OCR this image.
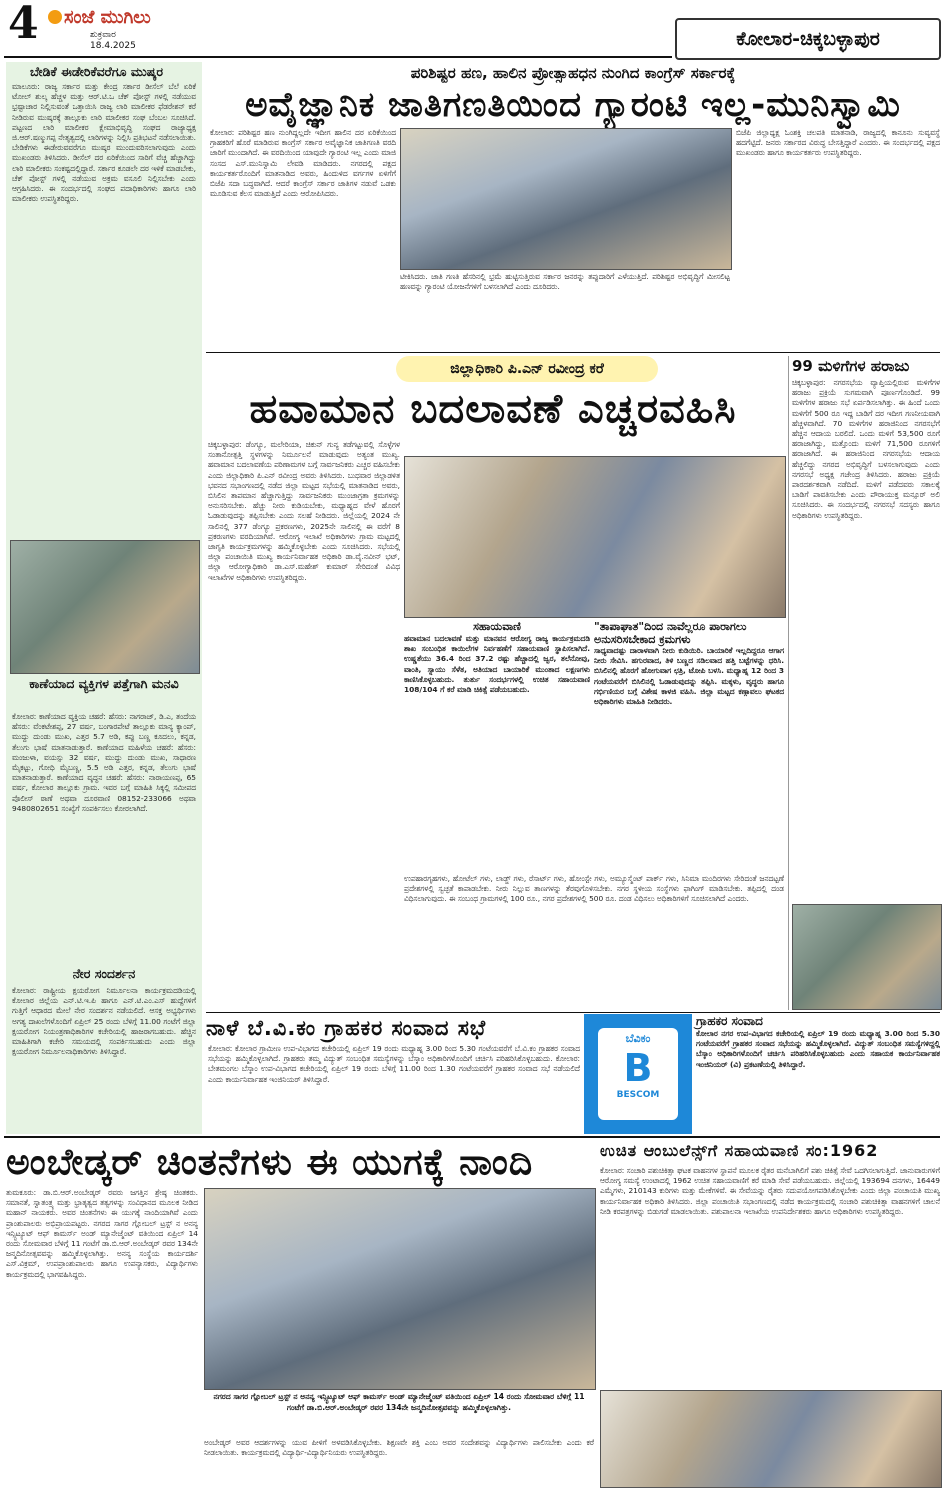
4 ಸಂಜೆ ಮುಗಿಲು
ಶುಕ್ರವಾರ
18.4.2025	ಕೋಲಾರ-ಚಿಕ್ಕಬಳ್ಳಾಪುರ
ಬೇಡಿಕೆ ಈಡೇರಿಕೆವರೆಗೂ ಮುಷ್ಕರ
ಮಾಲೂರು: ರಾಜ್ಯ ಸರ್ಕಾರ ಮತ್ತು ಕೇಂದ್ರ ಸರ್ಕಾರ ಡೀಸೆಲ್ ಬೆಲೆ ಏರಿಕೆ ಟೋಲ್ ಶುಲ್ಕ ಹೆಚ್ಚಳ ಮತ್ತು ಆರ್.ಟಿ.ಒ ಚೆಕ್ ಪೋಸ್ಟ್ ಗಳಲ್ಲಿ ನಡೆಯುವ ಭ್ರಷ್ಟಾಚಾರ ನಿಲ್ಲಿಸುವಂತೆ ಒತ್ತಾಯಿಸಿ ರಾಜ್ಯ ಲಾರಿ ಮಾಲೀಕರ ಫೆಡರೇಶನ್ ಕರೆ ನೀಡಿರುವ ಮುಷ್ಕರಕ್ಕೆ ತಾಲ್ಲೂಕು ಲಾರಿ ಮಾಲೀಕರ ಸಂಘ ಬೆಂಬಲ ಸೂಚಿಸಿದೆ. ಪಟ್ಟಣದ ಲಾರಿ ಮಾಲೀಕರ ಕ್ಷೇಮಾಭಿವೃದ್ಧಿ ಸಂಘದ ರಾಜ್ಯಾಧ್ಯಕ್ಷ ಜಿ.ಆರ್.ಷಣ್ಮುಗಪ್ಪ ನೇತೃತ್ವದಲ್ಲಿ ಲಾರಿಗಳನ್ನು ನಿಲ್ಲಿಸಿ ಪ್ರತಿಭಟನೆ ನಡೆಸಲಾಯಿತು. ಬೇಡಿಕೆಗಳು ಈಡೇರುವವರೆಗೂ ಮುಷ್ಕರ ಮುಂದುವರಿಸಲಾಗುವುದು ಎಂದು ಮುಖಂಡರು ತಿಳಿಸಿದರು. ಡೀಸೆಲ್ ದರ ಏರಿಕೆಯಿಂದ ಸಾರಿಗೆ ವೆಚ್ಚ ಹೆಚ್ಚಾಗಿದ್ದು ಲಾರಿ ಮಾಲೀಕರು ಸಂಕಷ್ಟದಲ್ಲಿದ್ದಾರೆ. ಸರ್ಕಾರ ಕೂಡಲೇ ದರ ಇಳಿಕೆ ಮಾಡಬೇಕು, ಚೆಕ್ ಪೋಸ್ಟ್ ಗಳಲ್ಲಿ ನಡೆಯುವ ಅಕ್ರಮ ವಸೂಲಿ ನಿಲ್ಲಿಸಬೇಕು ಎಂದು ಆಗ್ರಹಿಸಿದರು. ಈ ಸಂದರ್ಭದಲ್ಲಿ ಸಂಘದ ಪದಾಧಿಕಾರಿಗಳು ಹಾಗೂ ಲಾರಿ ಮಾಲೀಕರು ಉಪಸ್ಥಿತರಿದ್ದರು.
ಕಾಣೆಯಾದ ವ್ಯಕ್ತಿಗಳ ಪತ್ತೆಗಾಗಿ ಮನವಿ
ಕೋಲಾರ: ಕಾಣೆಯಾದ ವ್ಯಕ್ತಿಯ ಚಹರೆ: ಹೆಸರು: ನಾಗರಾಜ್, ಡಿ.ಎ, ತಂದೆಯ ಹೆಸರು: ವೆಂಕಟೇಶಪ್ಪ, 27 ವರ್ಷ, ಬಂಗಾರಪೇಟೆ ತಾಲ್ಲೂಕು ಮಾನ್ಯ ಕ್ಯಾಂಪ್, ಮುದ್ದು ದುಂಡು ಮುಖ, ಎತ್ತರ 5.7 ಅಡಿ, ಕಪ್ಪು ಬಣ್ಣ ಕೂದಲು, ಕನ್ನಡ, ತೆಲುಗು ಭಾಷೆ ಮಾತನಾಡುತ್ತಾರೆ. ಕಾಣೆಯಾದ ಮಹಿಳೆಯ ಚಹರೆ: ಹೆಸರು: ಮಂಜುಳಾ, ವಯಸ್ಸು 32 ವರ್ಷ, ಮುದ್ದು ದುಂಡು ಮುಖ, ಸಾಧಾರಣ ಮೈಕಟ್ಟು, ಗೋಧಿ ಮೈಬಣ್ಣ, 5.5 ಅಡಿ ಎತ್ತರ, ಕನ್ನಡ, ತೆಲುಗು ಭಾಷೆ ಮಾತನಾಡುತ್ತಾರೆ. ಕಾಣೆಯಾದ ವೃದ್ಧನ ಚಹರೆ: ಹೆಸರು: ನಾರಾಯಣಪ್ಪ, 65 ವರ್ಷ, ಕೋಲಾರ ತಾಲ್ಲೂಕು ಗ್ರಾಮ. ಇವರ ಬಗ್ಗೆ ಮಾಹಿತಿ ಸಿಕ್ಕಲ್ಲಿ ಸಮೀಪದ ಪೊಲೀಸ್ ಠಾಣೆ ಅಥವಾ ದೂರವಾಣಿ 08152-233066 ಅಥವಾ 9480802651 ಸಂಖ್ಯೆಗೆ ಸಂಪರ್ಕಿಸಲು ಕೋರಲಾಗಿದೆ.
ನೇರ ಸಂದರ್ಶನ
ಕೋಲಾರ: ರಾಷ್ಟ್ರೀಯ ಕ್ಷಯರೋಗ ನಿರ್ಮೂಲನಾ ಕಾರ್ಯಕ್ರಮದಡಿಯಲ್ಲಿ ಕೋಲಾರ ಜಿಲ್ಲೆಯ ಎನ್.ಟಿ.ಇ.ಪಿ ಹಾಗೂ ಎನ್.ಟಿ.ಎಂ.ಎಸ್ ಹುದ್ದೆಗಳಿಗೆ ಗುತ್ತಿಗೆ ಆಧಾರದ ಮೇಲೆ ನೇರ ಸಂದರ್ಶನ ನಡೆಯಲಿದೆ. ಆಸಕ್ತ ಅಭ್ಯರ್ಥಿಗಳು ಅಗತ್ಯ ದಾಖಲೆಗಳೊಂದಿಗೆ ಏಪ್ರಿಲ್ 25 ರಂದು ಬೆಳಿಗ್ಗೆ 11.00 ಗಂಟೆಗೆ ಜಿಲ್ಲಾ ಕ್ಷಯರೋಗ ನಿಯಂತ್ರಣಾಧಿಕಾರಿಗಳ ಕಚೇರಿಯಲ್ಲಿ ಹಾಜರಾಗಬಹುದು. ಹೆಚ್ಚಿನ ಮಾಹಿತಿಗಾಗಿ ಕಚೇರಿ ಸಮಯದಲ್ಲಿ ಸಂಪರ್ಕಿಸಬಹುದು ಎಂದು ಜಿಲ್ಲಾ ಕ್ಷಯರೋಗ ನಿರ್ಮೂಲನಾಧಿಕಾರಿಗಳು ತಿಳಿಸಿದ್ದಾರೆ.
ಪರಿಶಿಷ್ಟರ ಹಣ, ಹಾಲಿನ ಪ್ರೋತ್ಸಾಹಧನ ನುಂಗಿದ ಕಾಂಗ್ರೆಸ್ ಸರ್ಕಾರಕ್ಕೆ
ಅವೈಜ್ಞಾನಿಕ ಜಾತಿಗಣತಿಯಿಂದ ಗ್ಯಾರಂಟಿ ಇಲ್ಲ-ಮುನಿಸ್ವಾಮಿ
ಕೋಲಾರ: ಪರಿಶಿಷ್ಟರ ಹಣ ನುಂಗಿದ್ದಲ್ಲದೇ ಇದೀಗ ಹಾಲಿನ ದರ ಏರಿಕೆಯಿಂದ ಗ್ರಾಹಕರಿಗೆ ಹೊರೆ ಮಾಡಿರುವ ಕಾಂಗ್ರೆಸ್ ಸರ್ಕಾರ ಅವೈಜ್ಞಾನಿಕ ಜಾತಿಗಣತಿ ವರದಿ ಜಾರಿಗೆ ಮುಂದಾಗಿದೆ. ಈ ವರದಿಯಿಂದ ಯಾವುದೇ ಗ್ಯಾರಂಟಿ ಇಲ್ಲ ಎಂದು ಮಾಜಿ ಸಂಸದ ಎಸ್.ಮುನಿಸ್ವಾಮಿ ಲೇವಡಿ ಮಾಡಿದರು. ನಗರದಲ್ಲಿ ಪಕ್ಷದ ಕಾರ್ಯಕರ್ತರೊಂದಿಗೆ ಮಾತನಾಡಿದ ಅವರು, ಹಿಂದುಳಿದ ವರ್ಗಗಳ ಏಳಿಗೆಗೆ ಬಿಜೆಪಿ ಸದಾ ಬದ್ಧವಾಗಿದೆ. ಆದರೆ ಕಾಂಗ್ರೆಸ್ ಸರ್ಕಾರ ಜಾತಿಗಳ ನಡುವೆ ಒಡಕು ಮೂಡಿಸುವ ಕೆಲಸ ಮಾಡುತ್ತಿದೆ ಎಂದು ಆರೋಪಿಸಿದರು.
ಟೀಕಿಸಿದರು. ಜಾತಿ ಗಣತಿ ಹೆಸರಿನಲ್ಲಿ ಭ್ರಮೆ ಹುಟ್ಟಿಸುತ್ತಿರುವ ಸರ್ಕಾರ ಜನರನ್ನು ತಪ್ಪುದಾರಿಗೆ ಎಳೆಯುತ್ತಿದೆ. ಪರಿಶಿಷ್ಟರ ಅಭಿವೃದ್ಧಿಗೆ ಮೀಸಲಿಟ್ಟ ಹಣವನ್ನು ಗ್ಯಾರಂಟಿ ಯೋಜನೆಗಳಿಗೆ ಬಳಸಲಾಗಿದೆ ಎಂದು ದೂರಿದರು.
ಬಿಜೆಪಿ ಜಿಲ್ಲಾಧ್ಯಕ್ಷ ಓಂಶಕ್ತಿ ಚಲಪತಿ ಮಾತನಾಡಿ, ರಾಜ್ಯದಲ್ಲಿ ಕಾನೂನು ಸುವ್ಯವಸ್ಥೆ ಹದಗೆಟ್ಟಿದೆ. ಜನರು ಸರ್ಕಾರದ ವಿರುದ್ಧ ಬೇಸತ್ತಿದ್ದಾರೆ ಎಂದರು. ಈ ಸಂದರ್ಭದಲ್ಲಿ ಪಕ್ಷದ ಮುಖಂಡರು ಹಾಗೂ ಕಾರ್ಯಕರ್ತರು ಉಪಸ್ಥಿತರಿದ್ದರು.
ಜಿಲ್ಲಾಧಿಕಾರಿ ಪಿ.ಎನ್ ರವೀಂದ್ರ ಕರೆ
ಹವಾಮಾನ ಬದಲಾವಣೆ ಎಚ್ಚರವಹಿಸಿ
ಚಿಕ್ಕಬಳ್ಳಾಪುರ: ಡೆಂಗ್ಯೂ, ಮಲೇರಿಯಾ, ಚಿಕುನ್ ಗುನ್ಯ ತಡೆಗಟ್ಟುವಲ್ಲಿ ಸೊಳ್ಳೆಗಳ ಸಂತಾನೋತ್ಪತ್ತಿ ಸ್ಥಳಗಳನ್ನು ನಿರ್ಮೂಲನೆ ಮಾಡುವುದು ಅತ್ಯಂತ ಮುಖ್ಯ. ಹವಾಮಾನ ಬದಲಾವಣೆಯ ಪರಿಣಾಮಗಳ ಬಗ್ಗೆ ಸಾರ್ವಜನಿಕರು ಎಚ್ಚರ ವಹಿಸಬೇಕು ಎಂದು ಜಿಲ್ಲಾಧಿಕಾರಿ ಪಿ.ಎನ್ ರವೀಂದ್ರ ಅವರು ತಿಳಿಸಿದರು. ಬುಧವಾರ ಜಿಲ್ಲಾಡಳಿತ ಭವನದ ಸಭಾಂಗಣದಲ್ಲಿ ನಡೆದ ಜಿಲ್ಲಾ ಮಟ್ಟದ ಸಭೆಯಲ್ಲಿ ಮಾತನಾಡಿದ ಅವರು, ಬಿಸಿಲಿನ ತಾಪಮಾನ ಹೆಚ್ಚಾಗುತ್ತಿದ್ದು ಸಾರ್ವಜನಿಕರು ಮುಂಜಾಗ್ರತಾ ಕ್ರಮಗಳನ್ನು ಅನುಸರಿಸಬೇಕು. ಹೆಚ್ಚು ನೀರು ಕುಡಿಯಬೇಕು, ಮಧ್ಯಾಹ್ನದ ವೇಳೆ ಹೊರಗೆ ಓಡಾಡುವುದನ್ನು ತಪ್ಪಿಸಬೇಕು ಎಂದು ಸಲಹೆ ನೀಡಿದರು. ಜಿಲ್ಲೆಯಲ್ಲಿ 2024 ನೇ ಸಾಲಿನಲ್ಲಿ 377 ಡೆಂಗ್ಯೂ ಪ್ರಕರಣಗಳು, 2025ನೇ ಸಾಲಿನಲ್ಲಿ ಈ ವರೆಗೆ 8 ಪ್ರಕರಣಗಳು ವರದಿಯಾಗಿವೆ. ಆರೋಗ್ಯ ಇಲಾಖೆ ಅಧಿಕಾರಿಗಳು ಗ್ರಾಮ ಮಟ್ಟದಲ್ಲಿ ಜಾಗೃತಿ ಕಾರ್ಯಕ್ರಮಗಳನ್ನು ಹಮ್ಮಿಕೊಳ್ಳಬೇಕು ಎಂದು ಸೂಚಿಸಿದರು. ಸಭೆಯಲ್ಲಿ ಜಿಲ್ಲಾ ಪಂಚಾಯಿತಿ ಮುಖ್ಯ ಕಾರ್ಯನಿರ್ವಾಹಕ ಅಧಿಕಾರಿ ಡಾ.ವೈ.ನವೀನ್ ಭಟ್, ಜಿಲ್ಲಾ ಆರೋಗ್ಯಾಧಿಕಾರಿ ಡಾ.ಎಸ್.ಮಹೇಶ್ ಕುಮಾರ್ ಸೇರಿದಂತೆ ವಿವಿಧ ಇಲಾಖೆಗಳ ಅಧಿಕಾರಿಗಳು ಉಪಸ್ಥಿತರಿದ್ದರು.
ಸಹಾಯವಾಣಿ
ಹವಾಮಾನ ಬದಲಾವಣೆ ಮತ್ತು ಮಾನವನ ಆರೋಗ್ಯ ರಾಜ್ಯ ಕಾರ್ಯಕ್ರಮದಡಿ ಶಾಖ ಸಂಬಂಧಿತ ಕಾಯಿಲೆಗಳ ನಿರ್ವಹಣೆಗೆ ಸಹಾಯವಾಣಿ ಸ್ಥಾಪಿಸಲಾಗಿದೆ. ಉಷ್ಣತೆಯು 36.4 ರಿಂದ 37.2 ರಷ್ಟು ಹೆಚ್ಚಾದಲ್ಲಿ ಜ್ವರ, ತಲೆನೋವು, ವಾಂತಿ, ಸ್ನಾಯು ಸೆಳೆತ, ಅತಿಯಾದ ಬಾಯಾರಿಕೆ ಮುಂತಾದ ಲಕ್ಷಣಗಳು ಕಾಣಿಸಿಕೊಳ್ಳಬಹುದು. ತುರ್ತು ಸಂದರ್ಭಗಳಲ್ಲಿ ಉಚಿತ ಸಹಾಯವಾಣಿ 108/104 ಗೆ ಕರೆ ಮಾಡಿ ಚಿಕಿತ್ಸೆ ಪಡೆಯಬಹುದು.
"ತಾಪಾಘಾತ"ದಿಂದ ನಾವೆಲ್ಲರೂ ಪಾರಾಗಲು ಅನುಸರಿಸಬೇಕಾದ ಕ್ರಮಗಳು
ಸಾಧ್ಯವಾದಷ್ಟು ದಾರಾಳವಾಗಿ ನೀರು ಕುಡಿಯಿರಿ. ಬಾಯಾರಿಕೆ ಇಲ್ಲದಿದ್ದರೂ ಆಗಾಗ ನೀರು ಸೇವಿಸಿ. ಹಗುರವಾದ, ತಿಳಿ ಬಣ್ಣದ ಸಡಿಲವಾದ ಹತ್ತಿ ಬಟ್ಟೆಗಳನ್ನು ಧರಿಸಿ. ಬಿಸಿಲಿನಲ್ಲಿ ಹೊರಗೆ ಹೋಗುವಾಗ ಛತ್ರಿ, ಟೋಪಿ ಬಳಸಿ. ಮಧ್ಯಾಹ್ನ 12 ರಿಂದ 3 ಗಂಟೆಯವರೆಗೆ ಬಿಸಿಲಿನಲ್ಲಿ ಓಡಾಡುವುದನ್ನು ತಪ್ಪಿಸಿ. ಮಕ್ಕಳು, ವೃದ್ಧರು ಹಾಗೂ ಗರ್ಭಿಣಿಯರ ಬಗ್ಗೆ ವಿಶೇಷ ಕಾಳಜಿ ವಹಿಸಿ. ಜಿಲ್ಲಾ ಮಟ್ಟದ ಕಣ್ಗಾವಲು ಘಟಕದ ಅಧಿಕಾರಿಗಳು ಮಾಹಿತಿ ನೀಡಿದರು.
ಉಪಹಾರಗೃಹಗಳು, ಹೋಟೆಲ್ ಗಳು, ಲಾಡ್ಜ್ ಗಳು, ರೆಸಾರ್ಟ್ ಗಳು, ಹೋಂಸ್ಟೇ ಗಳು, ಅಮ್ಯೂಸ್ಮೆಂಟ್ ಪಾರ್ಕ್ ಗಳು, ಸಿನಿಮಾ ಮಂದಿರಗಳು ಸೇರಿದಂತೆ ಜನದಟ್ಟಣೆ ಪ್ರದೇಶಗಳಲ್ಲಿ ಸ್ವಚ್ಛತೆ ಕಾಪಾಡಬೇಕು. ನೀರು ನಿಲ್ಲುವ ತಾಣಗಳನ್ನು ತೆರವುಗೊಳಿಸಬೇಕು. ನಗರ ಸ್ಥಳೀಯ ಸಂಸ್ಥೆಗಳು ಫಾಗಿಂಗ್ ಮಾಡಿಸಬೇಕು. ತಪ್ಪಿದಲ್ಲಿ ದಂಡ ವಿಧಿಸಲಾಗುವುದು. ಈ ಸಂಬಂಧ ಗ್ರಾಮಗಳಲ್ಲಿ 100 ರೂ., ನಗರ ಪ್ರದೇಶಗಳಲ್ಲಿ 500 ರೂ. ದಂಡ ವಿಧಿಸಲು ಅಧಿಕಾರಿಗಳಿಗೆ ಸೂಚಿಸಲಾಗಿದೆ ಎಂದರು.
99 ಮಳಿಗೆಗಳ ಹರಾಜು
ಚಿಕ್ಕಬಳ್ಳಾಪುರ: ನಗರಸಭೆಯ ವ್ಯಾಪ್ತಿಯಲ್ಲಿರುವ ಮಳಿಗೆಗಳ ಹರಾಜು ಪ್ರಕ್ರಿಯೆ ಸುಗಮವಾಗಿ ಪೂರ್ಣಗೊಂಡಿದೆ. 99 ಮಳಿಗೆಗಳ ಹರಾಜು ಸಭೆ ಏರ್ಪಡಿಸಲಾಗಿತ್ತು. ಈ ಹಿಂದೆ ಒಂದು ಮಳಿಗೆಗೆ 500 ರೂ ಇದ್ದ ಬಾಡಿಗೆ ದರ ಇದೀಗ ಗಣನೀಯವಾಗಿ ಹೆಚ್ಚಳವಾಗಿದೆ. 70 ಮಳಿಗೆಗಳ ಹರಾಜಿನಿಂದ ನಗರಸಭೆಗೆ ಹೆಚ್ಚಿನ ಆದಾಯ ಬರಲಿದೆ. ಒಂದು ಮಳಿಗೆ 53,500 ರೂಗೆ ಹರಾಜಾಗಿದ್ದು, ಮತ್ತೊಂದು ಮಳಿಗೆ 71,500 ರೂಗಳಿಗೆ ಹರಾಜಾಗಿದೆ. ಈ ಹರಾಜಿನಿಂದ ನಗರಸಭೆಯ ಆದಾಯ ಹೆಚ್ಚಲಿದ್ದು ನಗರದ ಅಭಿವೃದ್ಧಿಗೆ ಬಳಸಲಾಗುವುದು ಎಂದು ನಗರಸಭೆ ಅಧ್ಯಕ್ಷ ಗಜೇಂದ್ರ ತಿಳಿಸಿದರು. ಹರಾಜು ಪ್ರಕ್ರಿಯೆ ಪಾರದರ್ಶಕವಾಗಿ ನಡೆದಿದೆ. ಮಳಿಗೆ ಪಡೆದವರು ಸಕಾಲಕ್ಕೆ ಬಾಡಿಗೆ ಪಾವತಿಸಬೇಕು ಎಂದು ಪೌರಾಯುಕ್ತ ಮನ್ಸೂರ್ ಅಲಿ ಸೂಚಿಸಿದರು. ಈ ಸಂದರ್ಭದಲ್ಲಿ ನಗರಸಭೆ ಸದಸ್ಯರು ಹಾಗೂ ಅಧಿಕಾರಿಗಳು ಉಪಸ್ಥಿತರಿದ್ದರು.
ನಾಳೆ ಬೆ.ವಿ.ಕಂ ಗ್ರಾಹಕರ ಸಂವಾದ ಸಭೆ
ಕೋಲಾರ: ಕೋಲಾರ ಗ್ರಾಮೀಣ ಉಪ-ವಿಭಾಗದ ಕಚೇರಿಯಲ್ಲಿ ಏಪ್ರಿಲ್ 19 ರಂದು ಮಧ್ಯಾಹ್ನ 3.00 ರಿಂದ 5.30 ಗಂಟೆಯವರೆಗೆ ಬೆ.ವಿ.ಕಂ ಗ್ರಾಹಕರ ಸಂವಾದ ಸಭೆಯನ್ನು ಹಮ್ಮಿಕೊಳ್ಳಲಾಗಿದೆ. ಗ್ರಾಹಕರು ತಮ್ಮ ವಿದ್ಯುತ್ ಸಂಬಂಧಿತ ಸಮಸ್ಯೆಗಳನ್ನು ಬೆಸ್ಕಾಂ ಅಧಿಕಾರಿಗಳೊಂದಿಗೆ ಚರ್ಚಿಸಿ ಪರಿಹರಿಸಿಕೊಳ್ಳಬಹುದು. ಕೋಲಾರ: ಬೇತಮಂಗಲ ಬೆಸ್ಕಾಂ ಉಪ-ವಿಭಾಗದ ಕಚೇರಿಯಲ್ಲಿ ಏಪ್ರಿಲ್ 19 ರಂದು ಬೆಳಿಗ್ಗೆ 11.00 ರಿಂದ 1.30 ಗಂಟೆಯವರೆಗೆ ಗ್ರಾಹಕರ ಸಂವಾದ ಸಭೆ ನಡೆಯಲಿದೆ ಎಂದು ಕಾರ್ಯನಿರ್ವಾಹಕ ಇಂಜಿನಿಯರ್ ತಿಳಿಸಿದ್ದಾರೆ.
ಬೆವಿಕಂ
B
BESCOM
ಗ್ರಾಹಕರ ಸಂವಾದ
ಕೋಲಾರ ನಗರ ಉಪ-ವಿಭಾಗದ ಕಚೇರಿಯಲ್ಲಿ ಏಪ್ರಿಲ್ 19 ರಂದು ಮಧ್ಯಾಹ್ನ 3.00 ರಿಂದ 5.30 ಗಂಟೆಯವರೆಗೆ ಗ್ರಾಹಕರ ಸಂವಾದ ಸಭೆಯನ್ನು ಹಮ್ಮಿಕೊಳ್ಳಲಾಗಿದೆ. ವಿದ್ಯುತ್ ಸಂಬಂಧಿತ ಸಮಸ್ಯೆಗಳಿದ್ದಲ್ಲಿ ಬೆಸ್ಕಾಂ ಅಧಿಕಾರಿಗಳೊಂದಿಗೆ ಚರ್ಚಿಸಿ ಪರಿಹರಿಸಿಕೊಳ್ಳಬಹುದು ಎಂದು ಸಹಾಯಕ ಕಾರ್ಯನಿರ್ವಾಹಕ ಇಂಜಿನಿಯರ್ (ವಿ) ಪ್ರಕಟಣೆಯಲ್ಲಿ ತಿಳಿಸಿದ್ದಾರೆ.
ಅಂಬೇಡ್ಕರ್ ಚಿಂತನೆಗಳು ಈ ಯುಗಕ್ಕೆ ನಾಂದಿ
ತುಮಕೂರು: ಡಾ.ಬಿ.ಆರ್.ಅಂಬೇಡ್ಕರ್ ರವರು ಜಗತ್ತಿನ ಶ್ರೇಷ್ಠ ಚಿಂತಕರು. ಸಮಾನತೆ, ಸ್ವಾತಂತ್ರ್ಯ ಮತ್ತು ಭ್ರಾತೃತ್ವದ ತತ್ವಗಳನ್ನು ಸಂವಿಧಾನದ ಮೂಲಕ ನೀಡಿದ ಮಹಾನ್ ನಾಯಕರು. ಅವರ ಚಿಂತನೆಗಳು ಈ ಯುಗಕ್ಕೆ ನಾಂದಿಯಾಗಿವೆ ಎಂದು ಪ್ರಾಂಶುಪಾಲರು ಅಭಿಪ್ರಾಯಪಟ್ಟರು. ನಗರದ ಸಾಗರ ಗ್ಲೋಬಲ್ ಟ್ರಸ್ಟ್ ನ ಅನನ್ಯ ಇನ್ಸ್ಟಿಟ್ಯೂಟ್ ಆಫ್ ಕಾಮರ್ಸ್ ಅಂಡ್ ಮ್ಯಾನೇಜ್ಮೆಂಟ್ ವತಿಯಿಂದ ಏಪ್ರಿಲ್ 14 ರಂದು ಸೋಮವಾರ ಬೆಳಿಗ್ಗೆ 11 ಗಂಟೆಗೆ ಡಾ.ಬಿ.ಆರ್.ಅಂಬೇಡ್ಕರ್ ರವರ 134ನೇ ಜನ್ಮದಿನೋತ್ಸವವನ್ನು ಹಮ್ಮಿಕೊಳ್ಳಲಾಗಿತ್ತು. ಅನನ್ಯ ಸಂಸ್ಥೆಯ ಕಾರ್ಯದರ್ಶಿ ಎಸ್.ವಿಕ್ರಮ್, ಉಪಪ್ರಾಂಶುಪಾಲರು ಹಾಗೂ ಉಪನ್ಯಾಸಕರು, ವಿದ್ಯಾರ್ಥಿಗಳು ಕಾರ್ಯಕ್ರಮದಲ್ಲಿ ಭಾಗವಹಿಸಿದ್ದರು.
ನಗರದ ಸಾಗರ ಗ್ಲೋಬಲ್ ಟ್ರಸ್ಟ್ ನ ಅನನ್ಯ ಇನ್ಸ್ಟಿಟ್ಯೂಟ್ ಆಫ್ ಕಾಮರ್ಸ್ ಅಂಡ್ ಮ್ಯಾನೇಜ್ಮೆಂಟ್ ವತಿಯಿಂದ ಏಪ್ರಿಲ್ 14 ರಂದು ಸೋಮವಾರ ಬೆಳಿಗ್ಗೆ 11 ಗಂಟೆಗೆ ಡಾ.ಬಿ.ಆರ್.ಅಂಬೇಡ್ಕರ್ ರವರ 134ನೇ ಜನ್ಮದಿನೋತ್ಸವವನ್ನು ಹಮ್ಮಿಕೊಳ್ಳಲಾಗಿತ್ತು.
ಅಂಬೇಡ್ಕರ್ ಅವರ ಆದರ್ಶಗಳನ್ನು ಯುವ ಪೀಳಿಗೆ ಅಳವಡಿಸಿಕೊಳ್ಳಬೇಕು. ಶಿಕ್ಷಣವೇ ಶಕ್ತಿ ಎಂಬ ಅವರ ಸಂದೇಶವನ್ನು ವಿದ್ಯಾರ್ಥಿಗಳು ಪಾಲಿಸಬೇಕು ಎಂದು ಕರೆ ನೀಡಲಾಯಿತು. ಕಾರ್ಯಕ್ರಮದಲ್ಲಿ ವಿದ್ಯಾರ್ಥಿ-ವಿದ್ಯಾರ್ಥಿನಿಯರು ಉಪಸ್ಥಿತರಿದ್ದರು.
ಉಚಿತ ಆಂಬುಲೆನ್ಸ್‌ಗೆ ಸಹಾಯವಾಣಿ ಸಂ:1962
ಕೋಲಾರ: ಸಂಚಾರಿ ಪಶುಚಿಕಿತ್ಸಾ ಘಟಕ ವಾಹನಗಳ ಸ್ಥಾಪನೆ ಮೂಲಕ ರೈತರ ಮನೆಬಾಗಿಲಿಗೆ ಪಶು ಚಿಕಿತ್ಸೆ ಸೇವೆ ಒದಗಿಸಲಾಗುತ್ತಿದೆ. ಜಾನುವಾರುಗಳಿಗೆ ಆರೋಗ್ಯ ಸಮಸ್ಯೆ ಉಂಟಾದಲ್ಲಿ 1962 ಉಚಿತ ಸಹಾಯವಾಣಿಗೆ ಕರೆ ಮಾಡಿ ಸೇವೆ ಪಡೆಯಬಹುದು. ಜಿಲ್ಲೆಯಲ್ಲಿ 193694 ದನಗಳು, 16449 ಎಮ್ಮೆಗಳು, 210143 ಕುರಿಗಳು ಮತ್ತು ಮೇಕೆಗಳಿವೆ. ಈ ಸೇವೆಯನ್ನು ರೈತರು ಸದುಪಯೋಗಪಡಿಸಿಕೊಳ್ಳಬೇಕು ಎಂದು ಜಿಲ್ಲಾ ಪಂಚಾಯತಿ ಮುಖ್ಯ ಕಾರ್ಯನಿರ್ವಾಹಕ ಅಧಿಕಾರಿ ತಿಳಿಸಿದರು. ಜಿಲ್ಲಾ ಪಂಚಾಯಿತಿ ಸಭಾಂಗಣದಲ್ಲಿ ನಡೆದ ಕಾರ್ಯಕ್ರಮದಲ್ಲಿ ಸಂಚಾರಿ ಪಶುಚಿಕಿತ್ಸಾ ವಾಹನಗಳಿಗೆ ಚಾಲನೆ ನೀಡಿ ಕರಪತ್ರಗಳನ್ನು ಬಿಡುಗಡೆ ಮಾಡಲಾಯಿತು. ಪಶುಪಾಲನಾ ಇಲಾಖೆಯ ಉಪನಿರ್ದೇಶಕರು ಹಾಗೂ ಅಧಿಕಾರಿಗಳು ಉಪಸ್ಥಿತರಿದ್ದರು.
